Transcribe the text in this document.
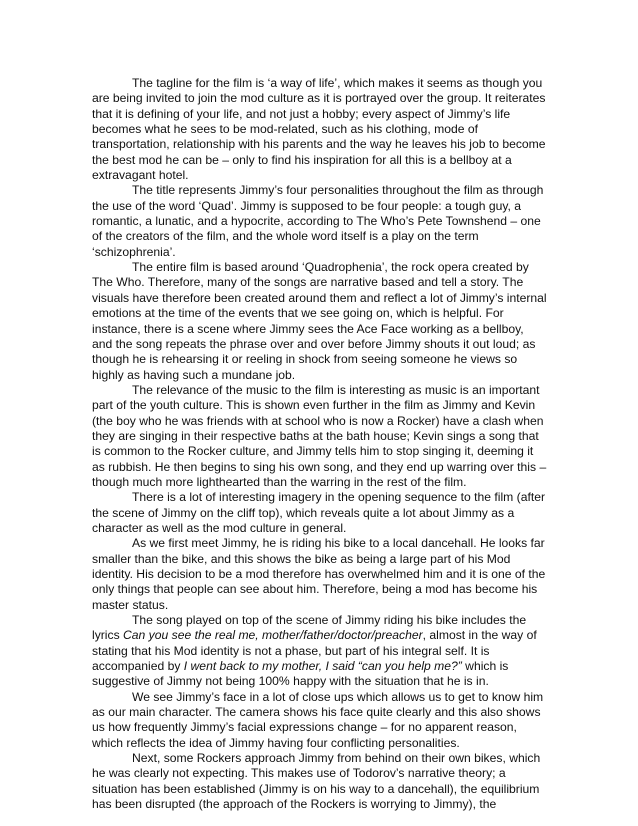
The tagline for the film is ‘a way of life’, which makes it seems as though you
are being invited to join the mod culture as it is portrayed over the group. It reiterates
that it is defining of your life, and not just a hobby; every aspect of Jimmy’s life
becomes what he sees to be mod-related, such as his clothing, mode of
transportation, relationship with his parents and the way he leaves his job to become
the best mod he can be – only to find his inspiration for all this is a bellboy at a
extravagant hotel.
The title represents Jimmy’s four personalities throughout the film as through
the use of the word ‘Quad’. Jimmy is supposed to be four people: a tough guy, a
romantic, a lunatic, and a hypocrite, according to The Who’s Pete Townshend – one
of the creators of the film, and the whole word itself is a play on the term
‘schizophrenia’.
The entire film is based around ‘Quadrophenia’, the rock opera created by
The Who. Therefore, many of the songs are narrative based and tell a story. The
visuals have therefore been created around them and reflect a lot of Jimmy’s internal
emotions at the time of the events that we see going on, which is helpful. For
instance, there is a scene where Jimmy sees the Ace Face working as a bellboy,
and the song repeats the phrase over and over before Jimmy shouts it out loud; as
though he is rehearsing it or reeling in shock from seeing someone he views so
highly as having such a mundane job.
The relevance of the music to the film is interesting as music is an important
part of the youth culture. This is shown even further in the film as Jimmy and Kevin
(the boy who he was friends with at school who is now a Rocker) have a clash when
they are singing in their respective baths at the bath house; Kevin sings a song that
is common to the Rocker culture, and Jimmy tells him to stop singing it, deeming it
as rubbish. He then begins to sing his own song, and they end up warring over this –
though much more lighthearted than the warring in the rest of the film.
There is a lot of interesting imagery in the opening sequence to the film (after
the scene of Jimmy on the cliff top), which reveals quite a lot about Jimmy as a
character as well as the mod culture in general.
As we first meet Jimmy, he is riding his bike to a local dancehall. He looks far
smaller than the bike, and this shows the bike as being a large part of his Mod
identity. His decision to be a mod therefore has overwhelmed him and it is one of the
only things that people can see about him. Therefore, being a mod has become his
master status.
The song played on top of the scene of Jimmy riding his bike includes the
lyrics Can you see the real me, mother/father/doctor/preacher, almost in the way of
stating that his Mod identity is not a phase, but part of his integral self. It is
accompanied by I went back to my mother, I said “can you help me?” which is
suggestive of Jimmy not being 100% happy with the situation that he is in.
We see Jimmy’s face in a lot of close ups which allows us to get to know him
as our main character. The camera shows his face quite clearly and this also shows
us how frequently Jimmy’s facial expressions change – for no apparent reason,
which reflects the idea of Jimmy having four conflicting personalities.
Next, some Rockers approach Jimmy from behind on their own bikes, which
he was clearly not expecting. This makes use of Todorov’s narrative theory; a
situation has been established (Jimmy is on his way to a dancehall), the equilibrium
has been disrupted (the approach of the Rockers is worrying to Jimmy), the
